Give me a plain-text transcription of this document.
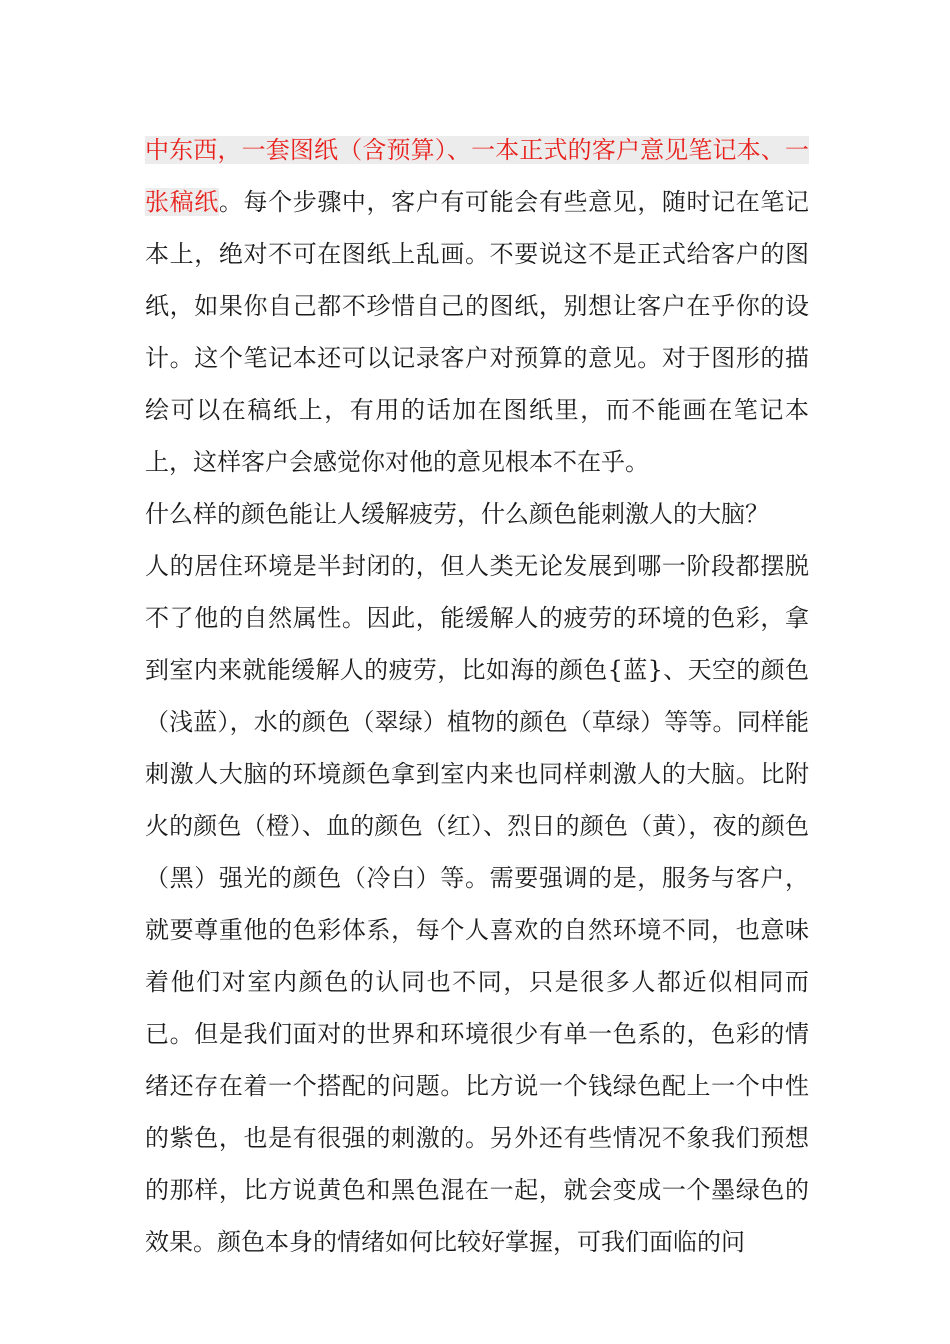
中东西，一套图纸（含预算）、一本正式的客户意见笔记本、一张稿纸。每个步骤中，客户有可能会有些意见，随时记在笔记本上，绝对不可在图纸上乱画。不要说这不是正式给客户的图纸，如果你自己都不珍惜自己的图纸，别想让客户在乎你的设计。这个笔记本还可以记录客户对预算的意见。对于图形的描绘可以在稿纸上，有用的话加在图纸里，而不能画在笔记本上，这样客户会感觉你对他的意见根本不在乎。

什么样的颜色能让人缓解疲劳，什么颜色能刺激人的大脑？

人的居住环境是半封闭的，但人类无论发展到哪一阶段都摆脱不了他的自然属性。因此，能缓解人的疲劳的环境的色彩，拿到室内来就能缓解人的疲劳，比如海的颜色{蓝}、天空的颜色（浅蓝），水的颜色（翠绿）植物的颜色（草绿）等等。同样能刺激人大脑的环境颜色拿到室内来也同样刺激人的大脑。比附火的颜色（橙）、血的颜色（红）、烈日的颜色（黄），夜的颜色（黑）强光的颜色（冷白）等。需要强调的是，服务与客户，就要尊重他的色彩体系，每个人喜欢的自然环境不同，也意味着他们对室内颜色的认同也不同，只是很多人都近似相同而已。但是我们面对的世界和环境很少有单一色系的，色彩的情绪还存在着一个搭配的问题。比方说一个钱绿色配上一个中性的紫色，也是有很强的刺激的。另外还有些情况不象我们预想的那样，比方说黄色和黑色混在一起，就会变成一个墨绿色的效果。颜色本身的情绪如何比较好掌握，可我们面临的问
